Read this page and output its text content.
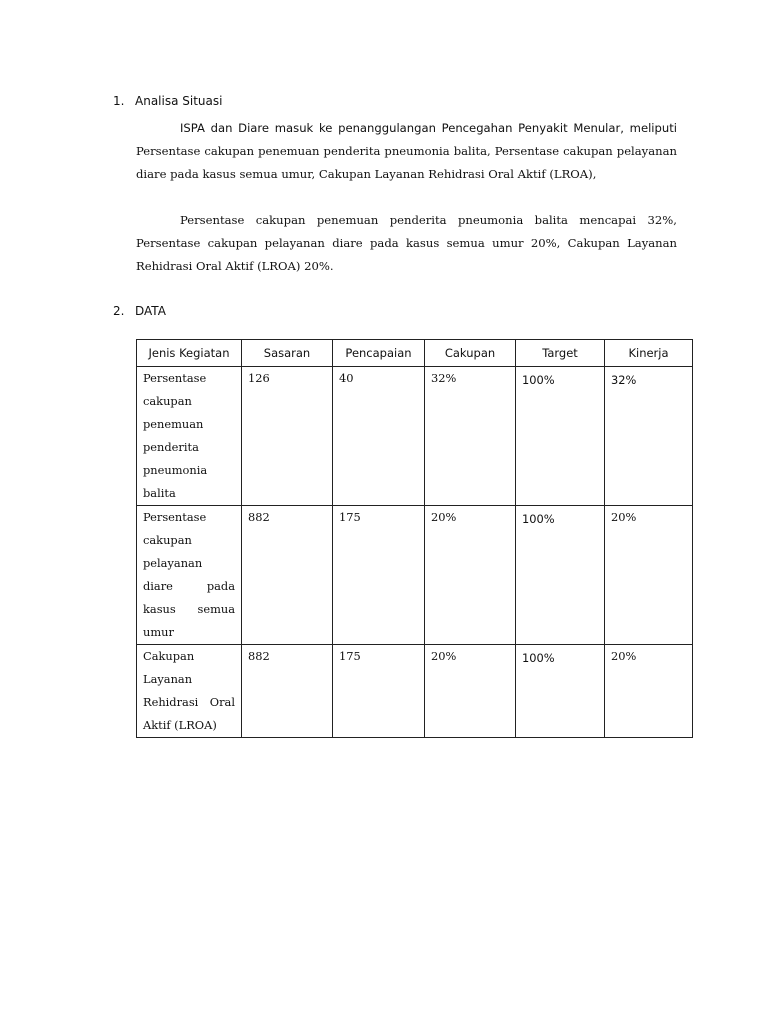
1. Analisa Situasi

ISPA dan Diare masuk ke penanggulangan Pencegahan Penyakit Menular, meliputi Persentase cakupan penemuan penderita pneumonia balita, Persentase cakupan pelayanan diare pada kasus semua umur, Cakupan Layanan Rehidrasi Oral Aktif (LROA),

Persentase cakupan penemuan penderita pneumonia balita mencapai 32%, Persentase cakupan pelayanan diare pada kasus semua umur 20%, Cakupan Layanan Rehidrasi Oral Aktif (LROA) 20%.

2. DATA
Jenis Kegiatan	Sasaran	Pencapaian	Cakupan	Target	Kinerja
Persentase cakupan penemuan penderita pneumonia balita	126	40	32%	100%	32%
Persentase cakupan pelayanan diare pada kasus semua umur	882	175	20%	100%	20%
Cakupan Layanan Rehidrasi Oral Aktif (LROA)	882	175	20%	100%	20%
